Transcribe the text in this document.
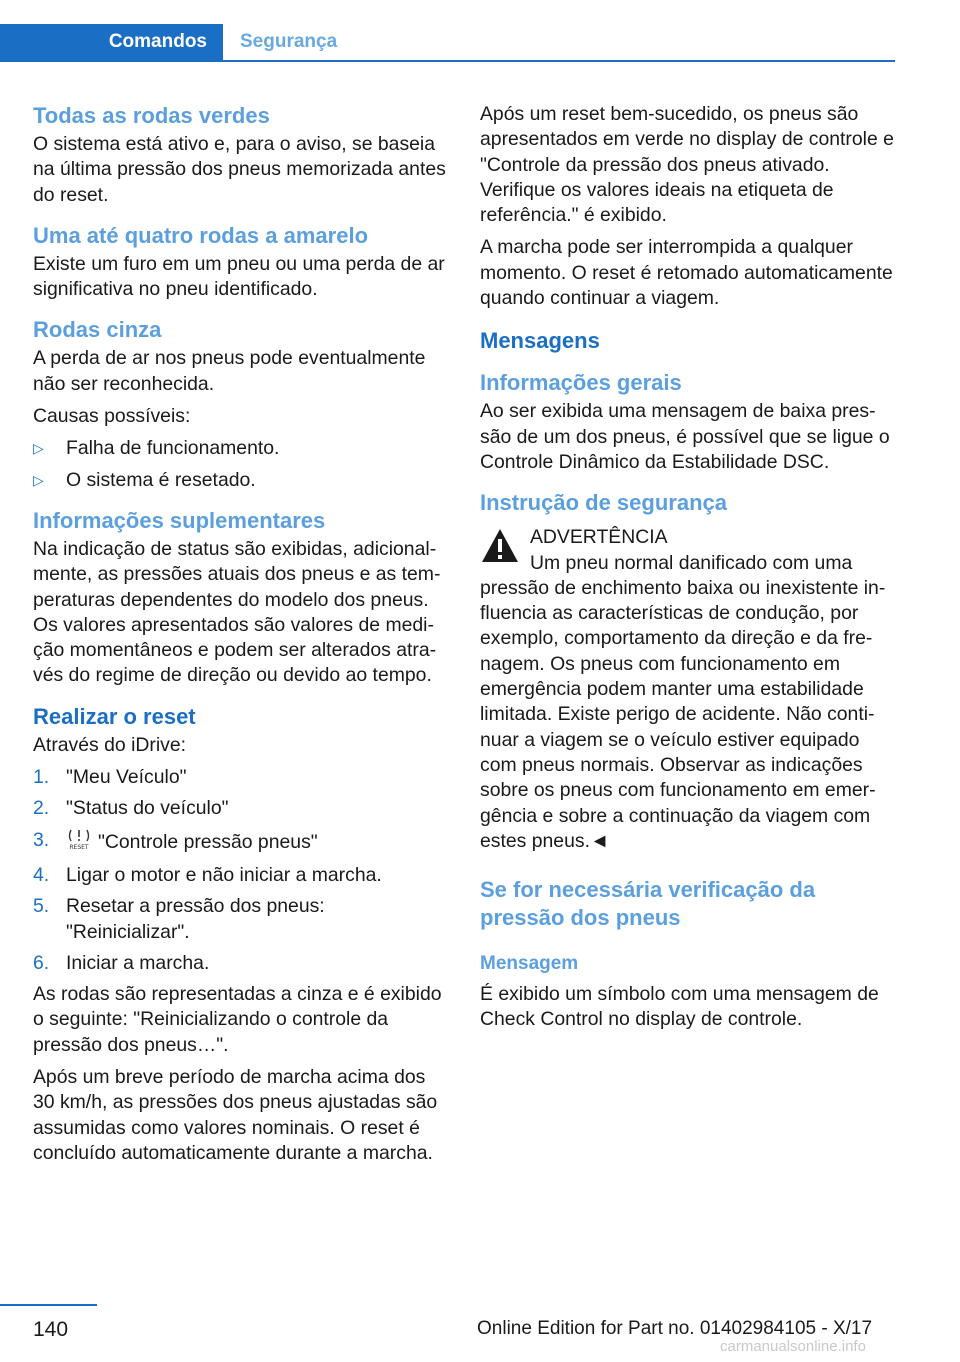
Comandos	Segurança
Todas as rodas verdes

O sistema está ativo e, para o aviso, se baseia na última pressão dos pneus memorizada antes do reset.

Uma até quatro rodas a amarelo

Existe um furo em um pneu ou uma perda de ar significativa no pneu identificado.

Rodas cinza

A perda de ar nos pneus pode eventualmente não ser reconhecida.

Causas possíveis:

▷ Falha de funcionamento.
▷ O sistema é resetado.
Informações suplementares

Na indicação de status são exibidas, adicionalmente, as pressões atuais dos pneus e as temperaturas dependentes do modelo dos pneus. Os valores apresentados são valores de medição momentâneos e podem ser alterados através do regime de direção ou devido ao tempo.

Realizar o reset

Através do iDrive:

1. "Meu Veículo"
2. "Status do veículo"
3.	RESET "Controle pressão pneus"
4. Ligar o motor e não iniciar a marcha.
5. Resetar a pressão dos pneus: "Reinicializar".
6. Iniciar a marcha.

As rodas são representadas a cinza e é exibido o seguinte: "Reinicializando o controle da pressão dos pneus…".

Após um breve período de marcha acima dos 30 km/h, as pressões dos pneus ajustadas são assumidas como valores nominais. O reset é concluído automaticamente durante a marcha.

Após um reset bem-sucedido, os pneus são apresentados em verde no display de controle e "Controle da pressão dos pneus ativado. Verifique os valores ideais na etiqueta de referência." é exibido.

A marcha pode ser interrompida a qualquer momento. O reset é retomado automaticamente quando continuar a viagem.

Mensagens
Informações gerais

Ao ser exibida uma mensagem de baixa pressão de um dos pneus, é possível que se ligue o Controle Dinâmico da Estabilidade DSC.

Instrução de segurança
ADVERTÊNCIA
Um pneu normal danificado com uma

pressão de enchimento baixa ou inexistente influencia as características de condução, por exemplo, comportamento da direção e da frenagem. Os pneus com funcionamento em emergência podem manter uma estabilidade limitada. Existe perigo de acidente. Não continuar a viagem se o veículo estiver equipado com pneus normais. Observar as indicações sobre os pneus com funcionamento em emergência e sobre a continuação da viagem com estes pneus.◄

Se for necessária verificação da pressão dos pneus
Mensagem

É exibido um símbolo com uma mensagem de Check Control no display de controle.

140	Online Edition for Part no. 01402984105 - X/17
carmanualsonline.info
